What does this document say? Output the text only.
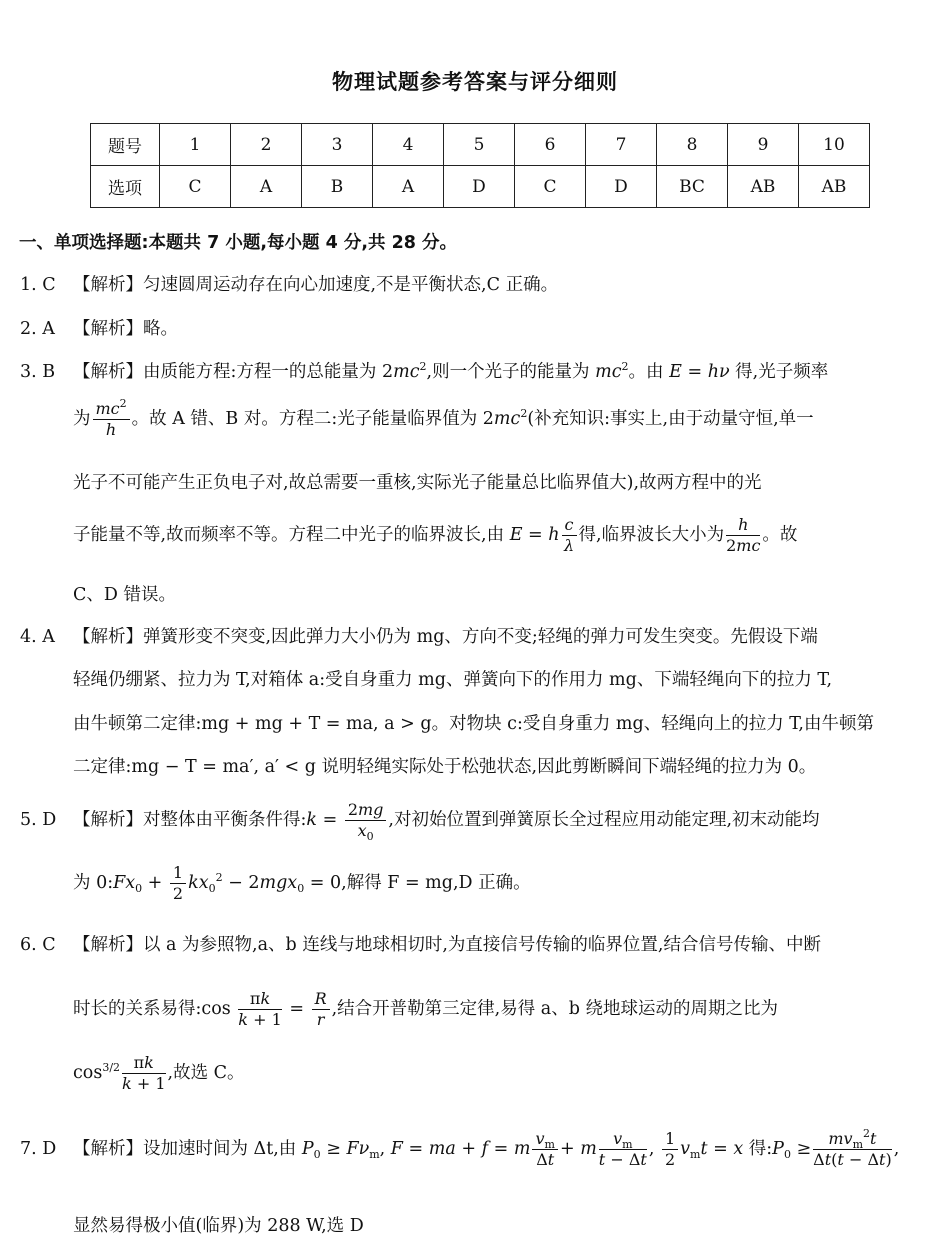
物理试题参考答案与评分细则
题号	1	2	3	4	5	6	7	8	9	10
选项	C	A	B	A	D	C	D	BC	AB	AB
一、单项选择题:本题共 7 小题,每小题 4 分,共 28 分。
1. C 【解析】匀速圆周运动存在向心加速度,不是平衡状态,C 正确。
2. A 【解析】略。
3. B 【解析】由质能方程:方程一的总能量为 $2mc^2$,则一个光子的能量为 $mc^2$。由 E = hν 得,光子频率
为 $\frac{mc^2}{h}$ 。故 A 错、B 对。方程二:光子能量临界值为 $2mc^2$(补充知识:事实上,由于动量守恒,单一
光子不可能产生正负电子对,故总需要一重核,实际光子能量总比临界值大),故两方程中的光
子能量不等,故而频率不等。方程二中光子的临界波长,由 E = h $\frac{c}{\lambda}$ 得,临界波长大小为 $\frac{h}{2mc}$ 。故
C、D 错误。
4. A 【解析】弹簧形变不突变,因此弹力大小仍为 mg、方向不变;轻绳的弹力可发生突变。先假设下端
轻绳仍绷紧、拉力为 T,对箱体 a:受自身重力 mg、弹簧向下的作用力 mg、下端轻绳向下的拉力 T,
由牛顿第二定律:mg + mg + T = ma, a > g。对物块 c:受自身重力 mg、轻绳向上的拉力 T,由牛顿第
二定律:mg − T = ma′, a′ < g 说明轻绳实际处于松弛状态,因此剪断瞬间下端轻绳的拉力为 0。
5. D 【解析】对整体由平衡条件得:k = $\frac{2mg}{x_0}$ ,对初始位置到弹簧原长全过程应用动能定理,初末动能均
为 $0:Fx_0 + \frac{1}{2} kx_0^2 - 2mgx_0 = 0$,解得 F = mg,D 正确。
6. C 【解析】以 a 为参照物,a、b 连线与地球相切时,为直接信号传输的临界位置,结合信号传输、中断
时长的关系易得:cos $\frac{\pi k}{k + 1} = \frac{R}{r}$ ,结合开普勒第三定律,易得 a、b 绕地球运动的周期之比为
$\cos^{3/2} \frac{\pi k}{k + 1}$ ,故选 C。
7. D 【解析】设加速时间为 Δt,由 $P_0 \ge F\nu_m$, F = ma + f = m $\frac{v_m}{\Delta t} + m \frac{v_m}{t - \Delta t}$ , $\frac{1}{2} v_mt = x$ 得$:P_0 \ge \frac{mv_m^2t}{\Delta t(t - \Delta t)}$ ,
显然易得极小值(临界)为 288 W,选 D
